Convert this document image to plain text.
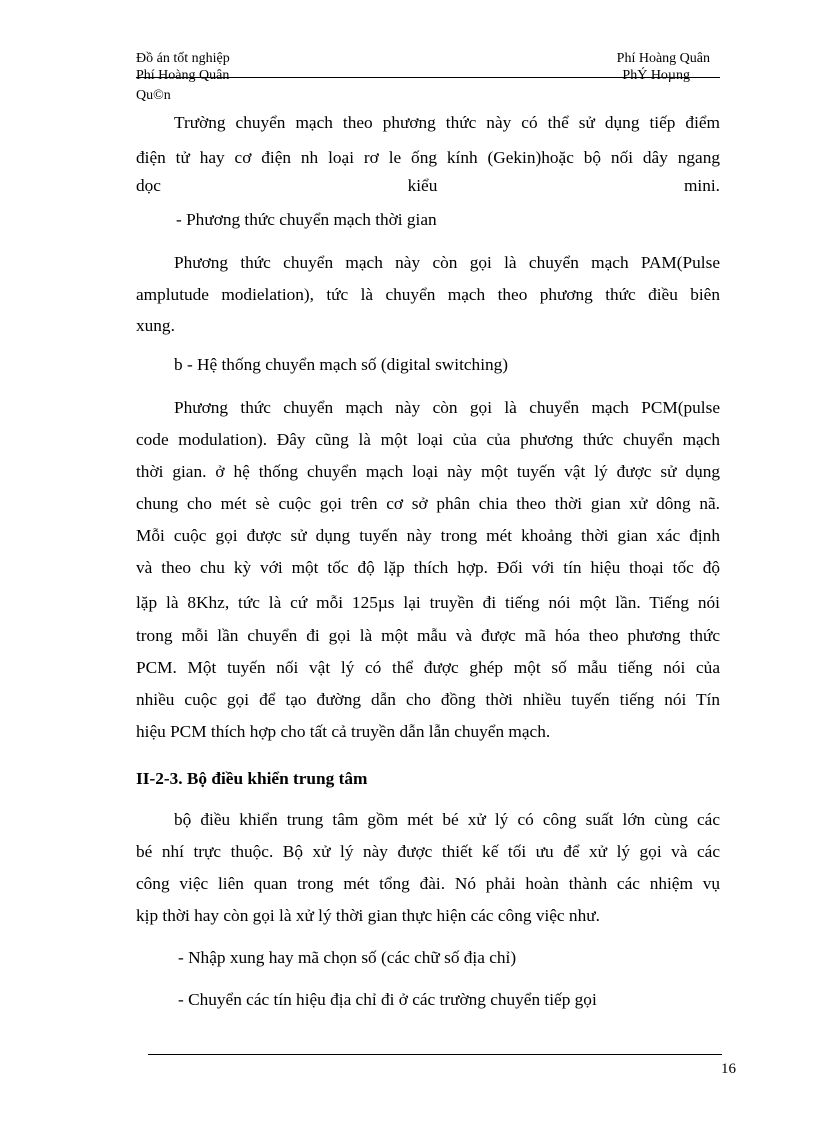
Đồ án tốt nghiệp	Phí Hoàng Quân
Phí Hoàng Quân	PhÝ Hoµng
Qu©n
Trường chuyển mạch theo phương thức này có thể sử dụng tiếp điểm
điện tử hay cơ điện nh loại rơ le ống kính (Gekin)hoặc bộ nối dây ngang
dọc kiểu mini.
- Phương thức chuyển mạch thời gian
Phương thức chuyển mạch này còn gọi là chuyển mạch PAM(Pulse
amplutude modielation), tức là chuyển mạch theo phương thức điều biên
xung.
b - Hệ thống chuyển mạch số (digital switching)
Phương thức chuyển mạch này còn gọi là chuyển mạch PCM(pulse
code modulation). Đây cũng là một loại của của phương thức chuyển mạch
thời gian. ở hệ thống chuyển mạch loại này một tuyến vật lý được sử dụng
chung cho mét sè cuộc gọi trên cơ sở phân chia theo thời gian xử dông nã.
Mỗi cuộc gọi được sử dụng tuyến này trong mét khoảng thời gian xác định
và theo chu kỳ với một tốc độ lặp thích hợp. Đối với tín hiệu thoại tốc độ
lặp là 8Khz, tức là cứ mỗi 125µs lại truyền đi tiếng nói một lần. Tiếng nói
trong mỗi lần chuyển đi gọi là một mẫu và được mã hóa theo phương thức
PCM. Một tuyến nối vật lý có thể được ghép một số mẫu tiếng nói của
nhiều cuộc gọi để tạo đường dẫn cho đồng thời nhiều tuyến tiếng nói Tín
hiệu PCM thích hợp cho tất cả truyền dẫn lẫn chuyển mạch.
II-2-3. Bộ điều khiển trung tâm
bộ điều khiển trung tâm gồm mét bé xử lý có công suất lớn cùng các
bé nhí trực thuộc. Bộ xử lý này được thiết kế tối ưu để xử lý gọi và các
công việc liên quan trong mét tổng đài. Nó phải hoàn thành các nhiệm vụ
kịp thời hay còn gọi là xử lý thời gian thực hiện các công việc như.
- Nhập xung hay mã chọn số (các chữ số địa chỉ)
- Chuyển các tín hiệu địa chỉ đi ở các trường chuyển tiếp gọi
16
